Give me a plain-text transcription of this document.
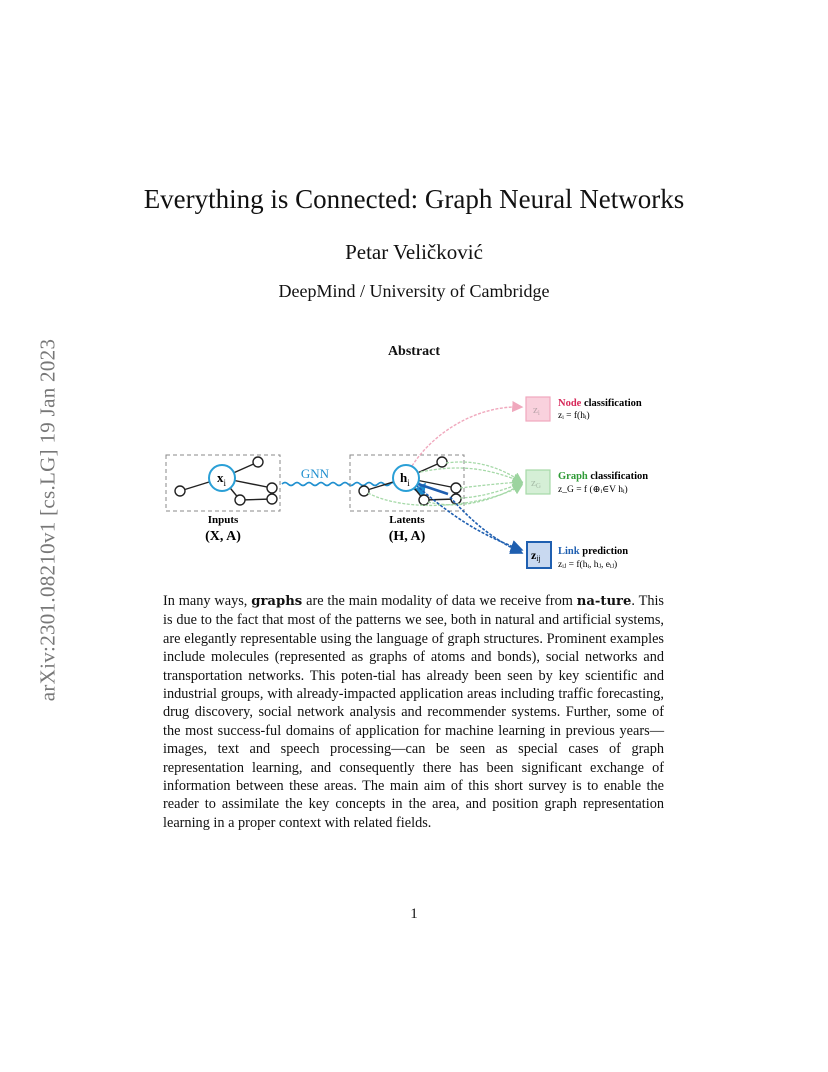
arXiv:2301.08210v1 [cs.LG] 19 Jan 2023
Everything is Connected: Graph Neural Networks
Petar Veličković
DeepMind / University of Cambridge
Abstract
$x_i$
Inputs
(X, A)
GNN	$h_i$
Latents
(H, A)
zi
Node classification
zᵢ = f(hᵢ)
zG
Graph classification
z_G = f (⊕ᵢ∈V hᵢ)
zij
Link prediction
zᵢⱼ = f(hᵢ, hⱼ, eᵢⱼ)
In many ways, graphs are the main modality of data we receive from na-ture. This is due to the fact that most of the patterns we see, both in natural and artificial systems, are elegantly representable using the language of graph structures. Prominent examples include molecules (represented as graphs of atoms and bonds), social networks and transportation networks. This poten-tial has already been seen by key scientific and industrial groups, with already-impacted application areas including traffic forecasting, drug discovery, social network analysis and recommender systems. Further, some of the most success-ful domains of application for machine learning in previous years—images, text and speech processing—can be seen as special cases of graph representation learning, and consequently there has been significant exchange of information between these areas. The main aim of this short survey is to enable the reader to assimilate the key concepts in the area, and position graph representation learning in a proper context with related fields.
1
